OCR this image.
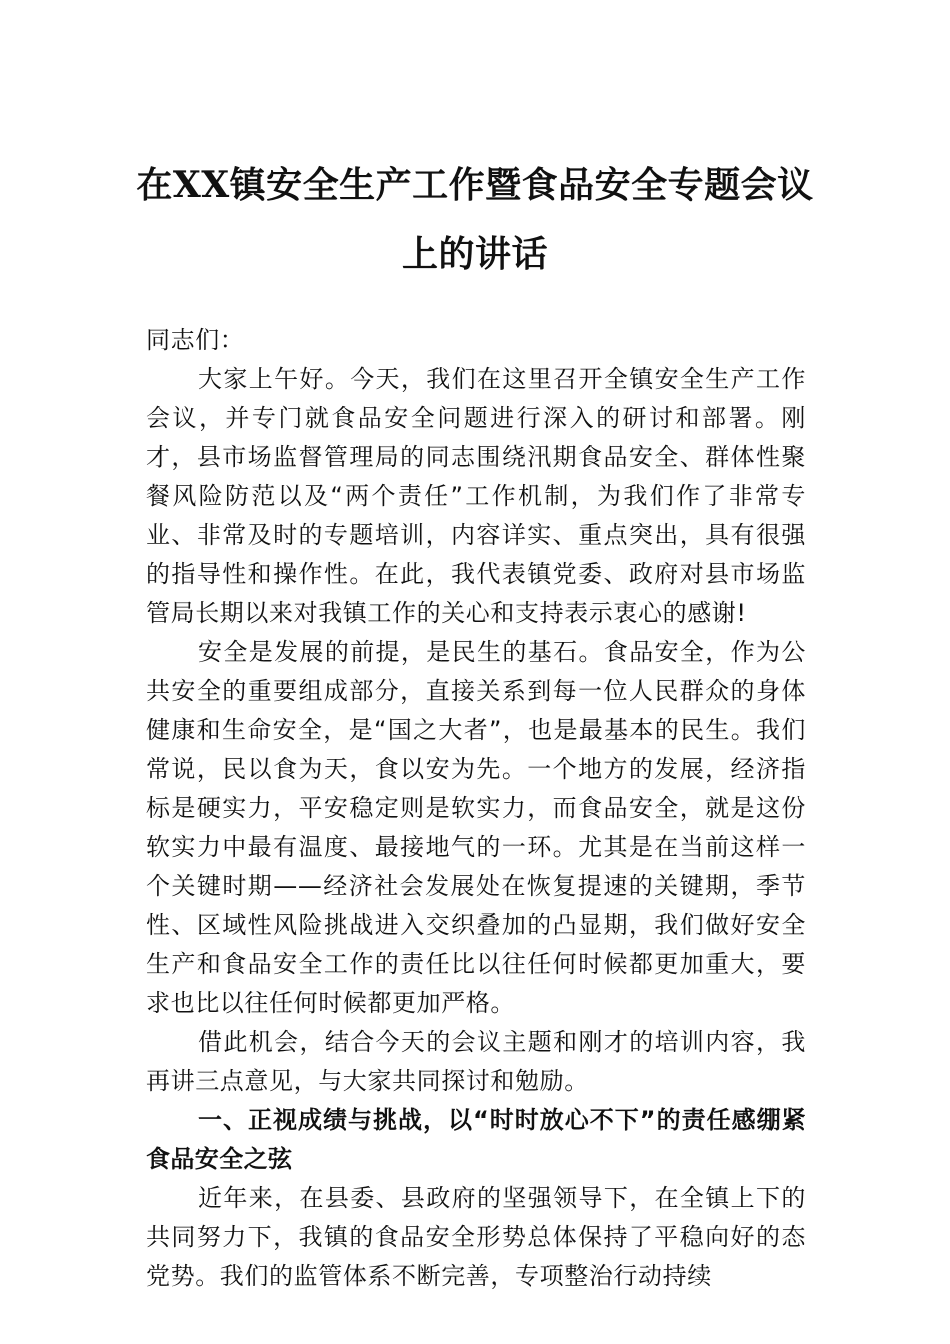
在XX镇安全生产工作暨食品安全专题会议
上的讲话

同志们：

大家上午好。今天，我们在这里召开全镇安全生产工作会议，并专门就食品安全问题进行深入的研讨和部署。刚才，县市场监督管理局的同志围绕汛期食品安全、群体性聚餐风险防范以及“两个责任”工作机制，为我们作了非常专业、非常及时的专题培训，内容详实、重点突出，具有很强的指导性和操作性。在此，我代表镇党委、政府对县市场监管局长期以来对我镇工作的关心和支持表示衷心的感谢!

安全是发展的前提，是民生的基石。食品安全，作为公共安全的重要组成部分，直接关系到每一位人民群众的身体健康和生命安全，是“国之大者”，也是最基本的民生。我们常说，民以食为天，食以安为先。一个地方的发展，经济指标是硬实力，平安稳定则是软实力，而食品安全，就是这份软实力中最有温度、最接地气的一环。尤其是在当前这样一个关键时期——经济社会发展处在恢复提速的关键期，季节性、区域性风险挑战进入交织叠加的凸显期，我们做好安全生产和食品安全工作的责任比以往任何时候都更加重大，要求也比以往任何时候都更加严格。

借此机会，结合今天的会议主题和刚才的培训内容，我再讲三点意见，与大家共同探讨和勉励。

一、正视成绩与挑战，以“时时放心不下”的责任感绷紧食品安全之弦

近年来，在县委、县政府的坚强领导下，在全镇上下的共同努力下，我镇的食品安全形势总体保持了平稳向好的态党势。我们的监管体系不断完善，专项整治行动持续
